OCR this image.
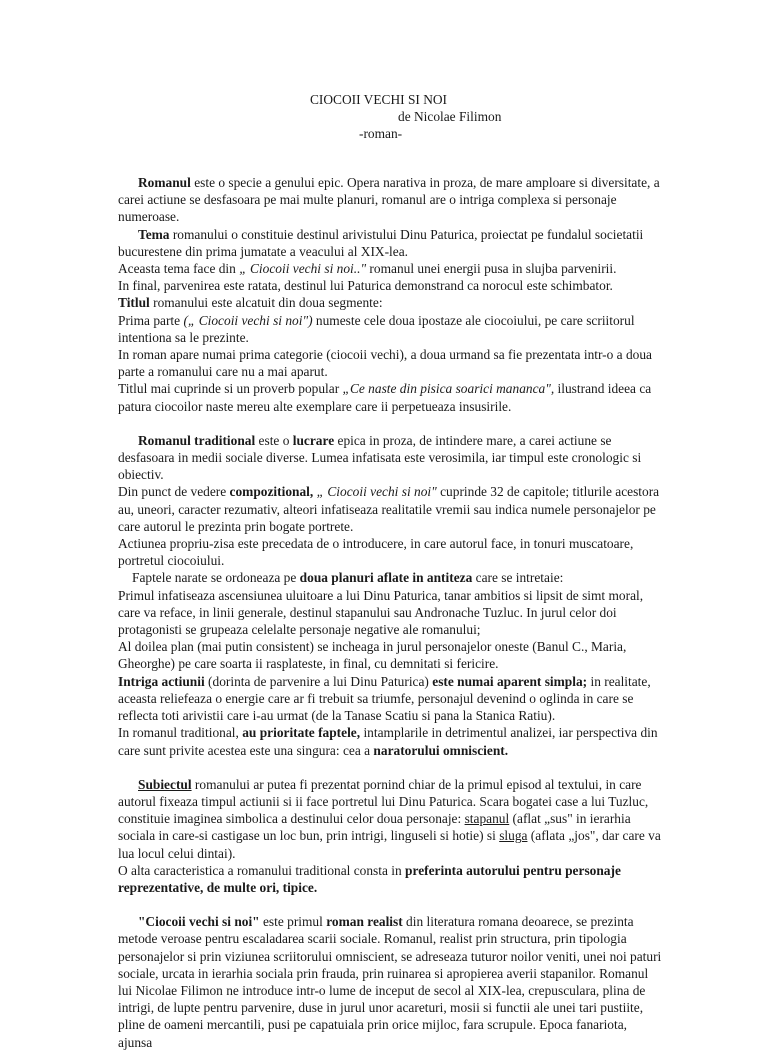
CIOCOII VECHI SI NOI
de Nicolae Filimon
-roman-

Romanul este o specie a genului epic. Opera narativa in proza, de mare amploare si diversitate, a carei actiune se desfasoara pe mai multe planuri, romanul are o intriga complexa si personaje numeroase.

Tema romanului o constituie destinul arivistului Dinu Paturica, proiectat pe fundalul societatii bucurestene din prima jumatate a veacului al XIX-lea.

Aceasta tema face din „ Ciocoii vechi si noi.." romanul unei energii pusa in slujba parvenirii.

In final, parvenirea este ratata, destinul lui Paturica demonstrand ca norocul este schimbator.

Titlul romanului este alcatuit din doua segmente:

Prima parte („ Ciocoii vechi si noi") numeste cele doua ipostaze ale ciocoiului, pe care scriitorul intentiona sa le prezinte.

In roman apare numai prima categorie (ciocoii vechi), a doua urmand sa fie prezentata intr-o a doua parte a romanului care nu a mai aparut.

Titlul mai cuprinde si un proverb popular „Ce naste din pisica soarici mananca", ilustrand ideea ca patura ciocoilor naste mereu alte exemplare care ii perpetueaza insusirile.

Romanul traditional este o lucrare epica in proza, de intindere mare, a carei actiune se desfasoara in medii sociale diverse. Lumea infatisata este verosimila, iar timpul este cronologic si obiectiv.

Din punct de vedere compozitional, „ Ciocoii vechi si noi" cuprinde 32 de capitole; titlurile acestora au, uneori, caracter rezumativ, alteori infatiseaza realitatile vremii sau indica numele personajelor pe care autorul le prezinta prin bogate portrete.

Actiunea propriu-zisa este precedata de o introducere, in care autorul face, in tonuri muscatoare, portretul ciocoiului.

Faptele narate se ordoneaza pe doua planuri aflate in antiteza care se intretaie:

Primul infatiseaza ascensiunea uluitoare a lui Dinu Paturica, tanar ambitios si lipsit de simt moral, care va reface, in linii generale, destinul stapanului sau Andronache Tuzluc. In jurul celor doi protagonisti se grupeaza celelalte personaje negative ale romanului;

Al doilea plan (mai putin consistent) se incheaga in jurul personajelor oneste (Banul C., Maria, Gheorghe) pe care soarta ii rasplateste, in final, cu demnitati si fericire.

Intriga actiunii (dorinta de parvenire a lui Dinu Paturica) este numai aparent simpla; in realitate, aceasta reliefeaza o energie care ar fi trebuit sa triumfe, personajul devenind o oglinda in care se reflecta toti arivistii care i-au urmat (de la Tanase Scatiu si pana la Stanica Ratiu).

In romanul traditional, au prioritate faptele, intamplarile in detrimentul analizei, iar perspectiva din care sunt privite acestea este una singura: cea a naratorului omniscient.

Subiectul romanului ar putea fi prezentat pornind chiar de la primul episod al textului, in care autorul fixeaza timpul actiunii si ii face portretul lui Dinu Paturica. Scara bogatei case a lui Tuzluc, constituie imaginea simbolica a destinului celor doua personaje: stapanul (aflat „sus" in ierarhia sociala in care-si castigase un loc bun, prin intrigi, linguseli si hotie) si sluga (aflata „jos", dar care va lua locul celui dintai).

O alta caracteristica a romanului traditional consta in preferinta autorului pentru personaje reprezentative, de multe ori, tipice.

"Ciocoii vechi si noi" este primul roman realist din literatura romana deoarece, se prezinta metode veroase pentru escaladarea scarii sociale. Romanul, realist prin structura, prin tipologia personajelor si prin viziunea scriitorului omniscient, se adreseaza tuturor noilor veniti, unei noi paturi sociale, urcata in ierarhia sociala prin frauda, prin ruinarea si apropierea averii stapanilor. Romanul lui Nicolae Filimon ne introduce intr-o lume de inceput de secol al XIX-lea, crepusculara, plina de intrigi, de lupte pentru parvenire, duse in jurul unor acareturi, mosii si functii ale unei tari pustiite, pline de oameni mercantili, pusi pe capatuiala prin orice mijloc, fara scrupule. Epoca fanariota, ajunsa
